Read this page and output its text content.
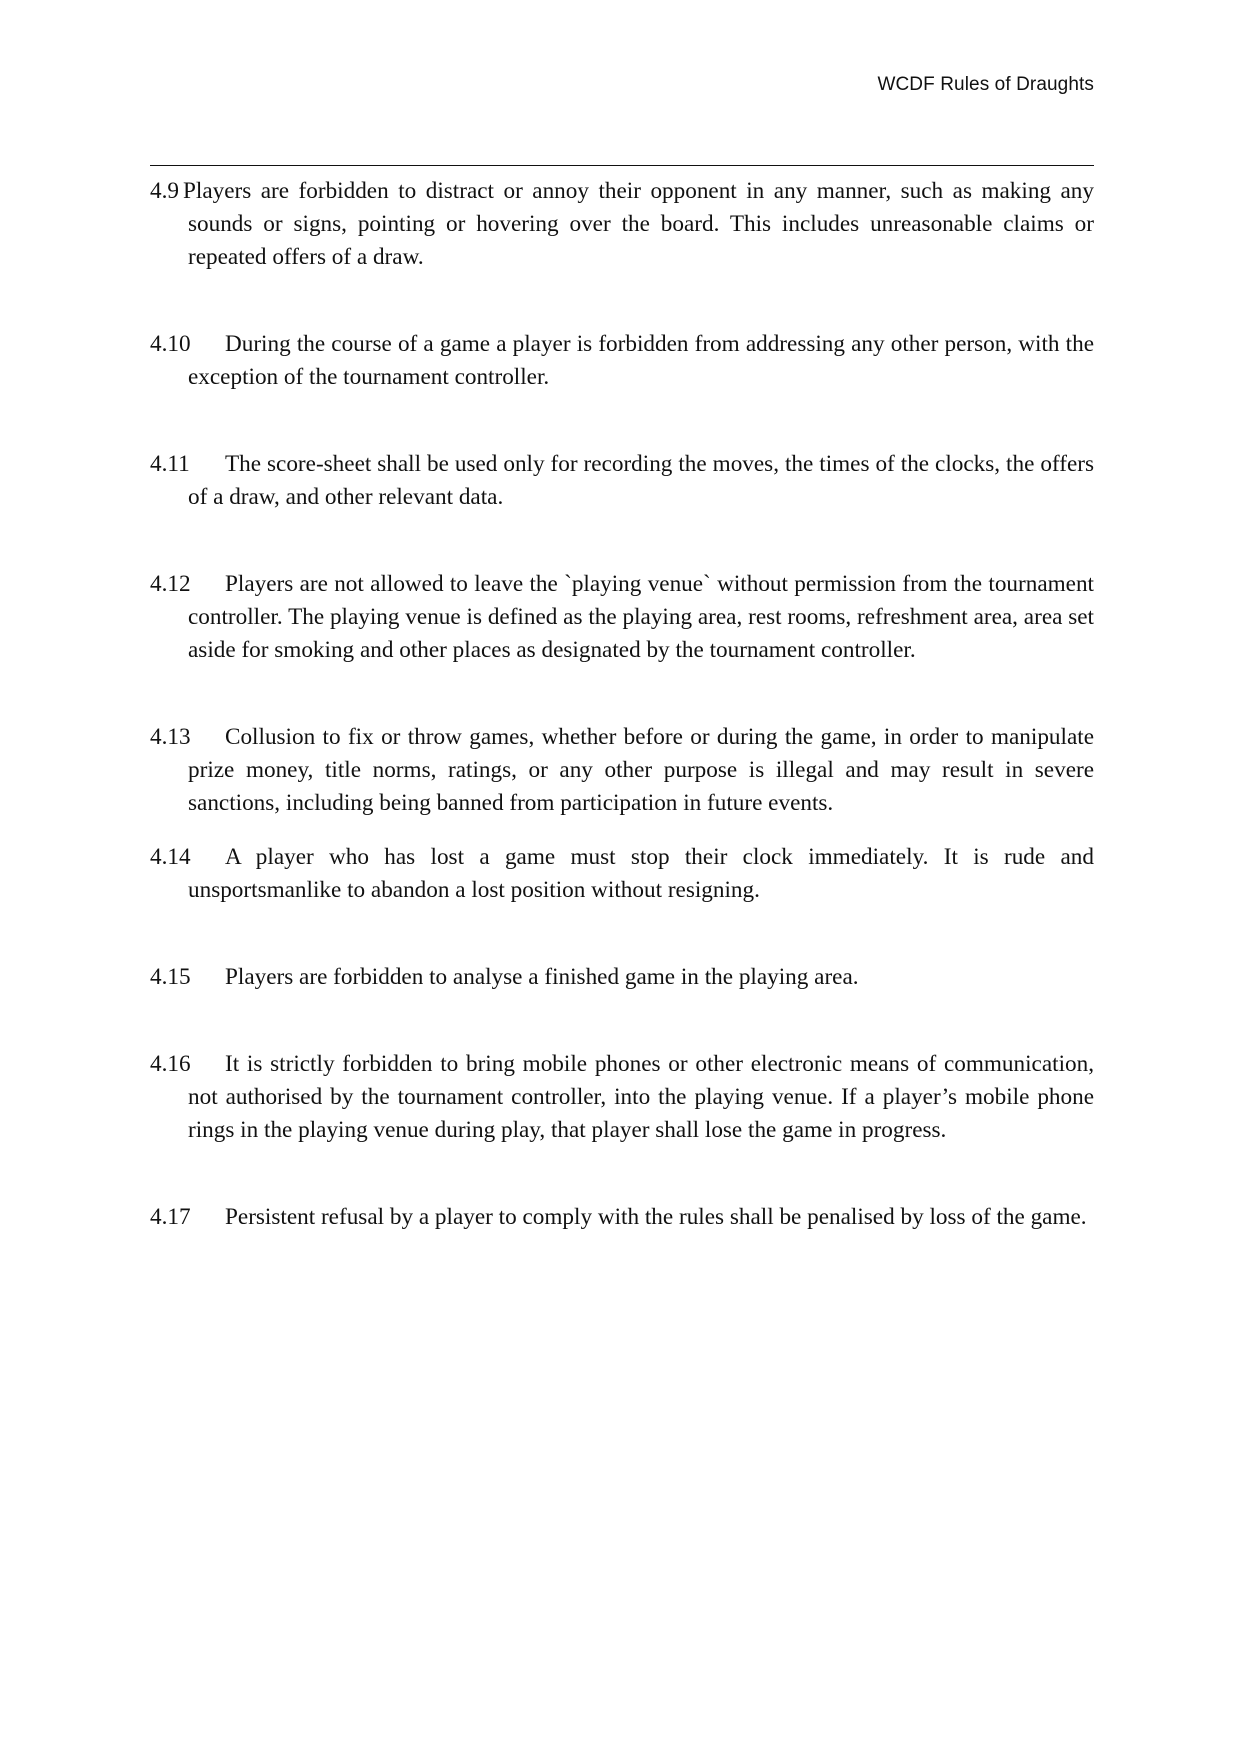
WCDF Rules of Draughts

4.9 Players are forbidden to distract or annoy their opponent in any manner, such as making any sounds or signs, pointing or hovering over the board. This includes unreasonable claims or repeated offers of a draw.

4.10 During the course of a game a player is forbidden from addressing any other person, with the exception of the tournament controller.

4.11 The score-sheet shall be used only for recording the moves, the times of the clocks, the offers of a draw, and other relevant data.

4.12 Players are not allowed to leave the `playing venue` without permission from the tournament controller. The playing venue is defined as the playing area, rest rooms, refreshment area, area set aside for smoking and other places as designated by the tournament controller.

4.13 Collusion to fix or throw games, whether before or during the game, in order to manipulate prize money, title norms, ratings, or any other purpose is illegal and may result in severe sanctions, including being banned from participation in future events.

4.14 A player who has lost a game must stop their clock immediately. It is rude and unsportsmanlike to abandon a lost position without resigning.

4.15 Players are forbidden to analyse a finished game in the playing area.

4.16 It is strictly forbidden to bring mobile phones or other electronic means of communication, not authorised by the tournament controller, into the playing venue. If a player’s mobile phone rings in the playing venue during play, that player shall lose the game in progress.

4.17 Persistent refusal by a player to comply with the rules shall be penalised by loss of the game.
